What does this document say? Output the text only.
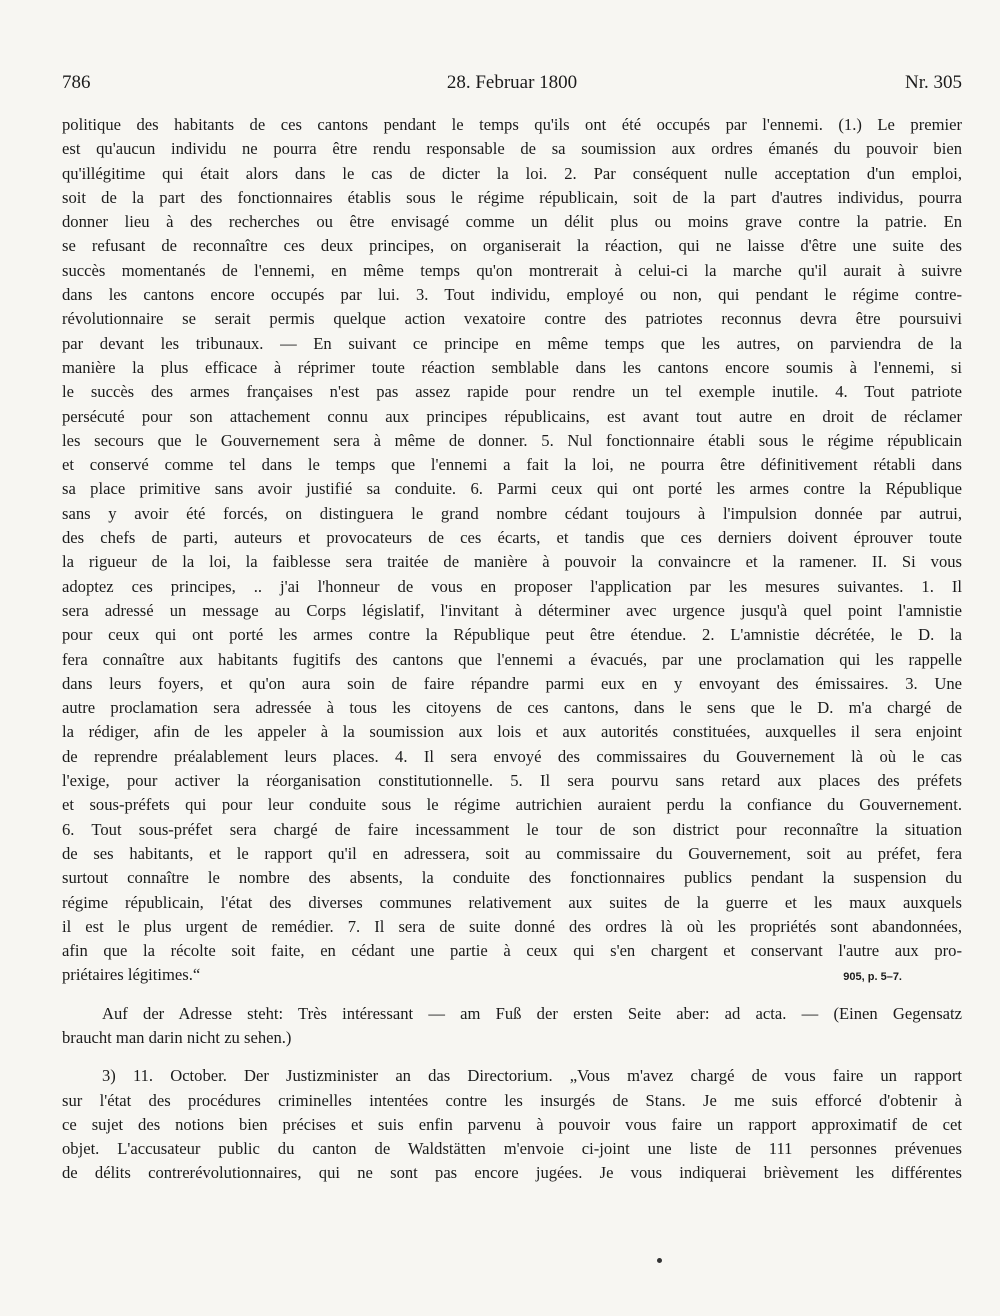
786	28. Februar 1800	Nr. 305
politique des habitants de ces cantons pendant le temps qu'ils ont été occupés par l'ennemi. (1.) Le premier
est qu'aucun individu ne pourra être rendu responsable de sa soumission aux ordres émanés du pouvoir bien
qu'illégitime qui était alors dans le cas de dicter la loi. 2. Par conséquent nulle acceptation d'un emploi,
soit de la part des fonctionnaires établis sous le régime républicain, soit de la part d'autres individus, pourra
donner lieu à des recherches ou être envisagé comme un délit plus ou moins grave contre la patrie. En
se refusant de reconnaître ces deux principes, on organiserait la réaction, qui ne laisse d'être une suite des
succès momentanés de l'ennemi, en même temps qu'on montrerait à celui-ci la marche qu'il aurait à suivre
dans les cantons encore occupés par lui. 3. Tout individu, employé ou non, qui pendant le régime contre-
révolutionnaire se serait permis quelque action vexatoire contre des patriotes reconnus devra être poursuivi
par devant les tribunaux. — En suivant ce principe en même temps que les autres, on parviendra de la
manière la plus efficace à réprimer toute réaction semblable dans les cantons encore soumis à l'ennemi, si
le succès des armes françaises n'est pas assez rapide pour rendre un tel exemple inutile. 4. Tout patriote
persécuté pour son attachement connu aux principes républicains, est avant tout autre en droit de réclamer
les secours que le Gouvernement sera à même de donner. 5. Nul fonctionnaire établi sous le régime républicain
et conservé comme tel dans le temps que l'ennemi a fait la loi, ne pourra être définitivement rétabli dans
sa place primitive sans avoir justifié sa conduite. 6. Parmi ceux qui ont porté les armes contre la République
sans y avoir été forcés, on distinguera le grand nombre cédant toujours à l'impulsion donnée par autrui,
des chefs de parti, auteurs et provocateurs de ces écarts, et tandis que ces derniers doivent éprouver toute
la rigueur de la loi, la faiblesse sera traitée de manière à pouvoir la convaincre et la ramener. II. Si vous
adoptez ces principes, .. j'ai l'honneur de vous en proposer l'application par les mesures suivantes. 1. Il
sera adressé un message au Corps législatif, l'invitant à déterminer avec urgence jusqu'à quel point l'amnistie
pour ceux qui ont porté les armes contre la République peut être étendue. 2. L'amnistie décrétée, le D. la
fera connaître aux habitants fugitifs des cantons que l'ennemi a évacués, par une proclamation qui les rappelle
dans leurs foyers, et qu'on aura soin de faire répandre parmi eux en y envoyant des émissaires. 3. Une
autre proclamation sera adressée à tous les citoyens de ces cantons, dans le sens que le D. m'a chargé de
la rédiger, afin de les appeler à la soumission aux lois et aux autorités constituées, auxquelles il sera enjoint
de reprendre préalablement leurs places. 4. Il sera envoyé des commissaires du Gouvernement là où le cas
l'exige, pour activer la réorganisation constitutionnelle. 5. Il sera pourvu sans retard aux places des préfets
et sous-préfets qui pour leur conduite sous le régime autrichien auraient perdu la confiance du Gouvernement.
6. Tout sous-préfet sera chargé de faire incessamment le tour de son district pour reconnaître la situation
de ses habitants, et le rapport qu'il en adressera, soit au commissaire du Gouvernement, soit au préfet, fera
surtout connaître le nombre des absents, la conduite des fonctionnaires publics pendant la suspension du
régime républicain, l'état des diverses communes relativement aux suites de la guerre et les maux auxquels
il est le plus urgent de remédier. 7. Il sera de suite donné des ordres là où les propriétés sont abandonnées,
afin que la récolte soit faite, en cédant une partie à ceux qui s'en chargent et conservant l'autre aux pro-
priétaires légitimes.“	905, p. 5–7.
Auf der Adresse steht: Très intéressant — am Fuß der ersten Seite aber: ad acta. — (Einen Gegensatz
braucht man darin nicht zu sehen.)
3) 11. October. Der Justizminister an das Directorium. „Vous m'avez chargé de vous faire un rapport
sur l'état des procédures criminelles intentées contre les insurgés de Stans. Je me suis efforcé d'obtenir à
ce sujet des notions bien précises et suis enfin parvenu à pouvoir vous faire un rapport approximatif de cet
objet. L'accusateur public du canton de Waldstätten m'envoie ci-joint une liste de 111 personnes prévenues
de délits contrerévolutionnaires, qui ne sont pas encore jugées. Je vous indiquerai brièvement les différentes
